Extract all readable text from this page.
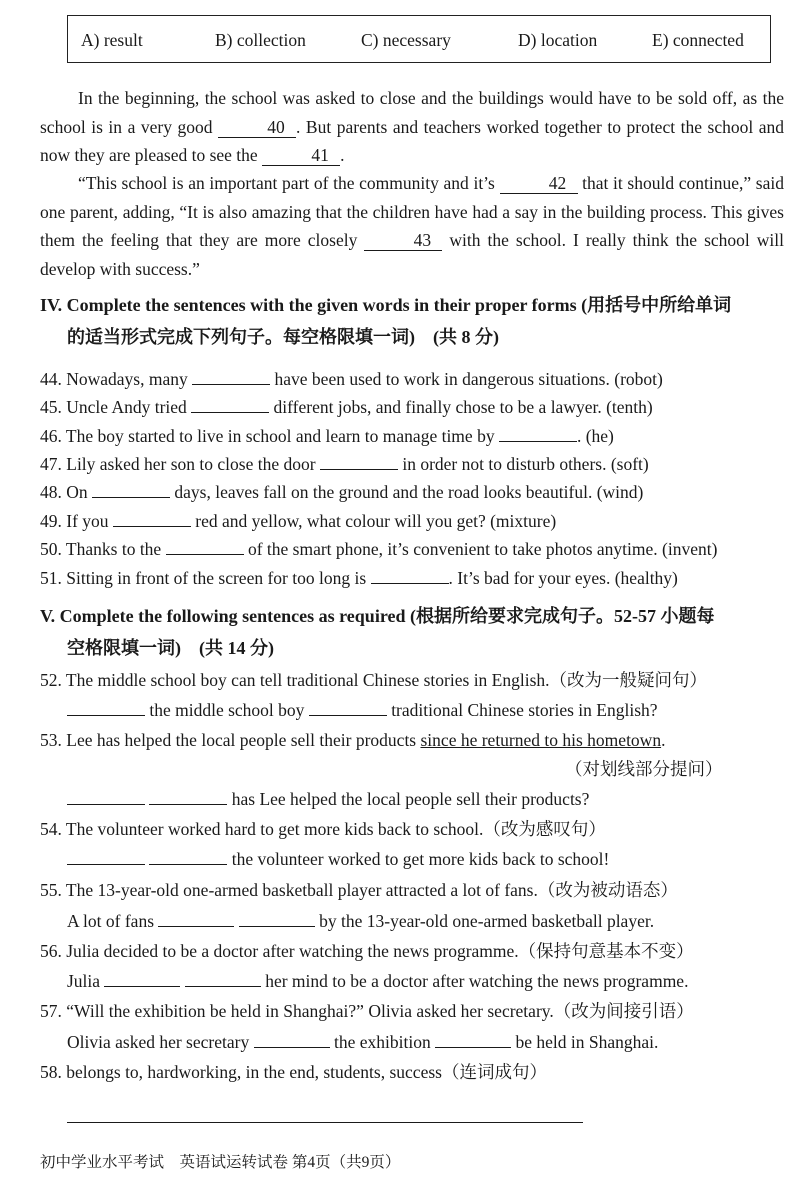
A) result	B) collection	C) necessary	D) location	E) connected
In the beginning, the school was asked to close and the buildings would have to be sold off, as the school is in a very good	40 . But parents and teachers worked together to protect the school and now they are pleased to see the	41 .
“This school is an important part of the community and it’s	42 that it should continue,” said one parent, adding, “It is also amazing that the children have had a say in the building process. This gives them the feeling that they are more closely	43 with the school. I really think the school will develop with success.”
IV. Complete the sentences with the given words in their proper forms (用括号中所给单词
的适当形式完成下列句子。每空格限填一词)　(共 8 分)
44. Nowadays, many	have been used to work in dangerous situations. (robot)
45. Uncle Andy tried	different jobs, and finally chose to be a lawyer. (tenth)
46. The boy started to live in school and learn to manage time by	. (he)
47. Lily asked her son to close the door	in order not to disturb others. (soft)
48. On	days, leaves fall on the ground and the road looks beautiful. (wind)
49. If you	red and yellow, what colour will you get? (mixture)
50. Thanks to the	of the smart phone, it’s convenient to take photos anytime. (invent)
51. Sitting in front of the screen for too long is	. It’s bad for your eyes. (healthy)
V. Complete the following sentences as required (根据所给要求完成句子。52-57 小题每
空格限填一词)　(共 14 分)
52. The middle school boy can tell traditional Chinese stories in English.（改为一般疑问句）
the middle school boy	traditional Chinese stories in English?
53. Lee has helped the local people sell their products since he returned to his hometown.
（对划线部分提问）
has Lee helped the local people sell their products?
54. The volunteer worked hard to get more kids back to school.（改为感叹句）
the volunteer worked to get more kids back to school!
55. The 13-year-old one-armed basketball player attracted a lot of fans.（改为被动语态）
A lot of fans	by the 13-year-old one-armed basketball player.
56. Julia decided to be a doctor after watching the news programme.（保持句意基本不变）
Julia	her mind to be a doctor after watching the news programme.
57. “Will the exhibition be held in Shanghai?” Olivia asked her secretary.（改为间接引语）
Olivia asked her secretary	the exhibition	be held in Shanghai.
58. belongs to, hardworking, in the end, students, success（连词成句）
初中学业水平考试　英语试运转试卷 第4页（共9页）
